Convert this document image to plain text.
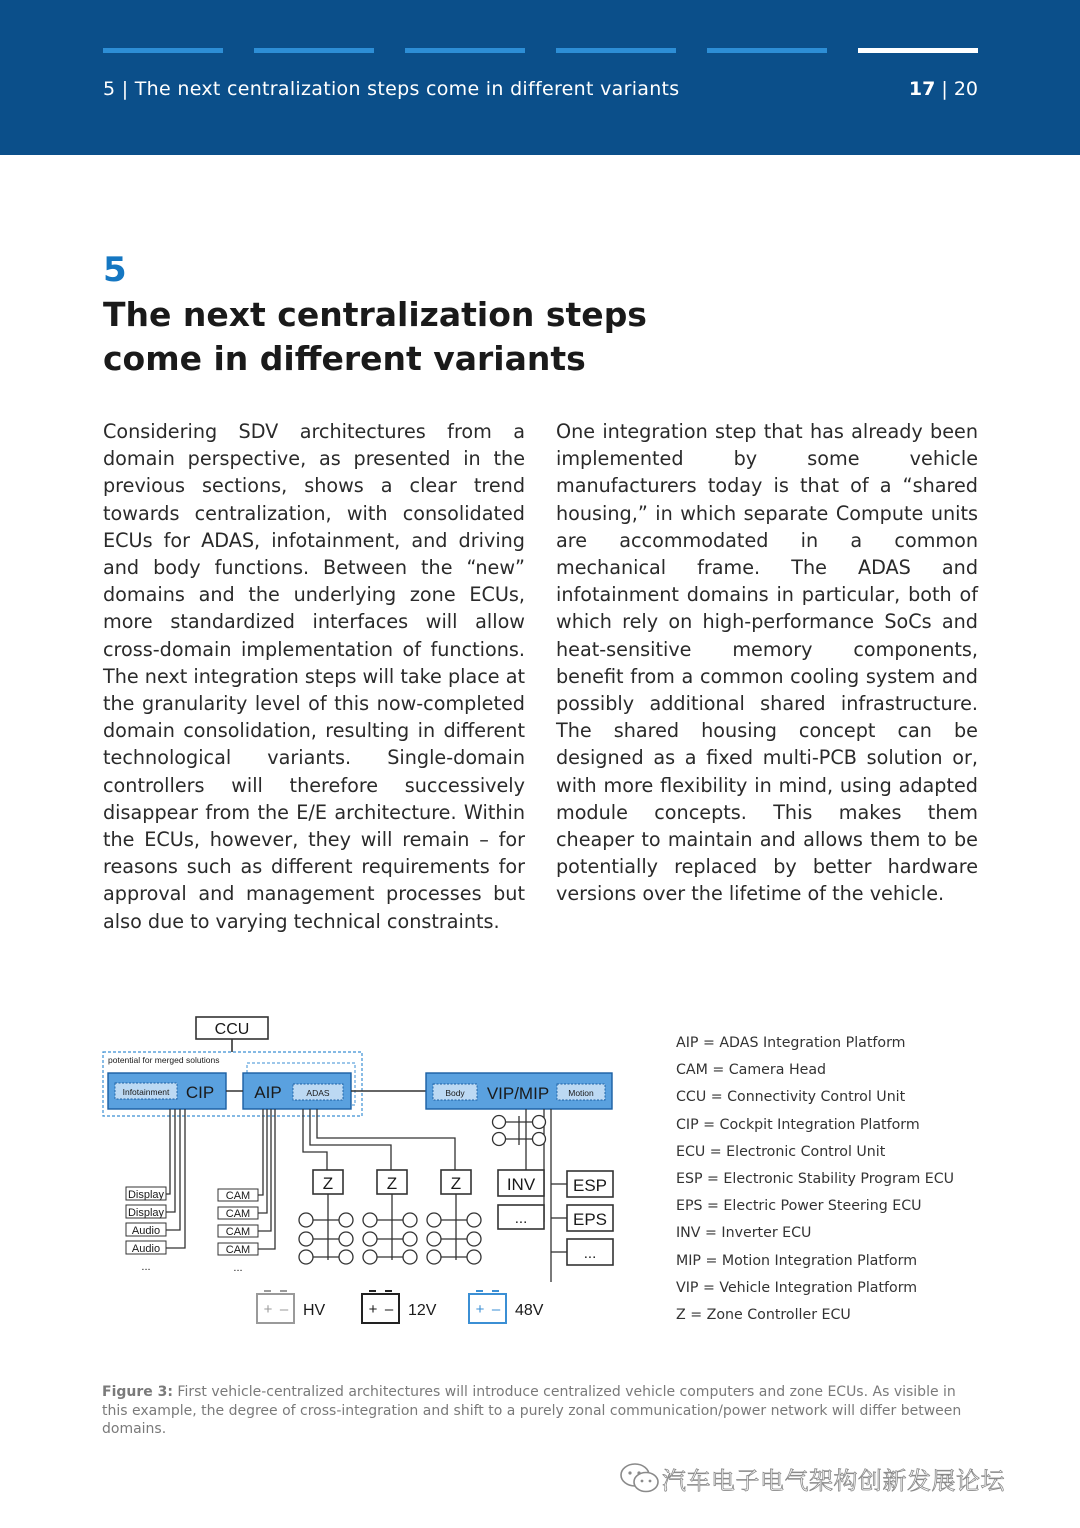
5 | The next centralization steps come in different variants	17 | 20
5
The next centralization steps come in different variants

Considering SDV architectures from a domain perspective, as presented in the previous sections, shows a clear trend towards centralization, with consolidated ECUs for ADAS, infotainment, and driving and body functions. Between the “new” domains and the underlying zone ECUs, more standardized interfaces will allow cross-domain implementation of functions. The next integration steps will take place at the granularity level of this now-completed domain consolidation, resulting in different technological variants. Single-domain controllers will therefore successively disappear from the E/E architecture. Within the ECUs, however, they will remain – for reasons such as different requirements for approval and management processes but also due to varying technical constraints.

One integration step that has already been implemented by some vehicle manufacturers today is that of a “shared housing,” in which separate Compute units are accommodated in a common mechanical frame. The ADAS and infotainment domains in particular, both of which rely on high-performance SoCs and heat-sensitive memory components, benefit from a common cooling system and possibly additional shared infrastructure. The shared housing concept can be designed as a fixed multi-PCB solution or, with more flexibility in mind, using adapted module concepts. This makes them cheaper to maintain and allows them to be potentially replaced by better hardware versions over the lifetime of the vehicle.

CCU
potential for merged solutions
Infotainment CIP AIP	ADAS	Body VIP/MIP Motion
Display
Display
Audio
Audio
...
CAM
CAM
CAM
CAM
...
Z	Z	Z	INV
...
ESP
EPS
...
+ – HV	+ – 12V	+ – 48V
AIP = ADAS Integration Platform
CAM = Camera Head
CCU = Connectivity Control Unit
CIP = Cockpit Integration Platform
ECU = Electronic Control Unit
ESP = Electronic Stability Program ECU
EPS = Electric Power Steering ECU
INV = Inverter ECU
MIP = Motion Integration Platform
VIP = Vehicle Integration Platform
Z = Zone Controller ECU

Figure 3: First vehicle-centralized architectures will introduce centralized vehicle computers and zone ECUs. As visible in this example, the degree of cross-integration and shift to a purely zonal communication/power network will differ between domains.

汽车电子电气架构创新发展论坛
